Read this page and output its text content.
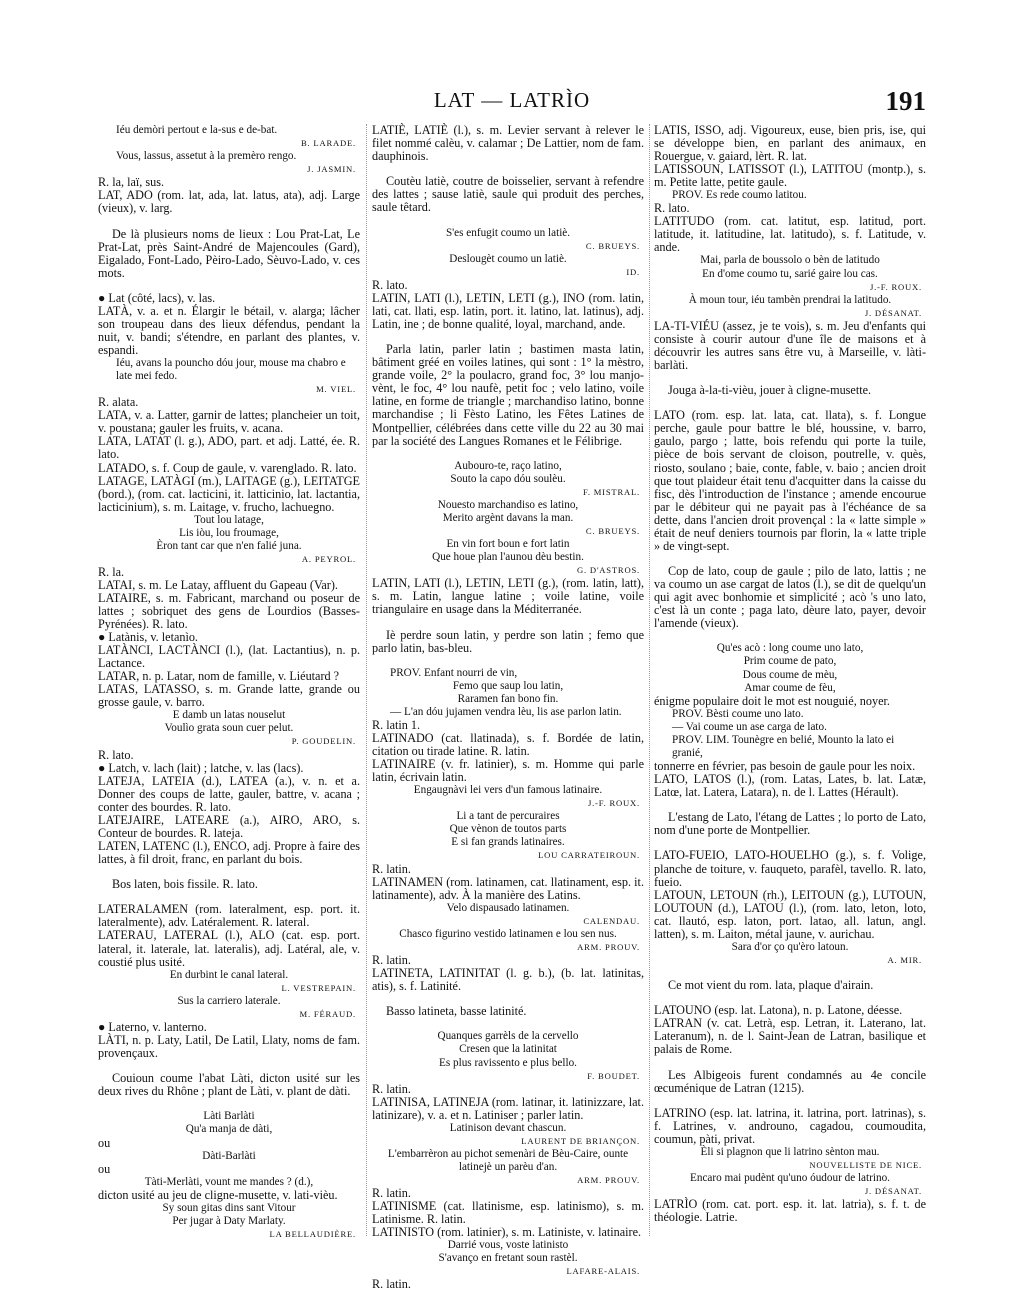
LAT — LATRÌO	191

Iéu demòri pertout e la-sus e de-bat.

B. LARADE.

Vous, lassus, assetut à la premèro rengo.

J. JASMIN.

R. la, laï, sus.

LAT, ADO (rom. lat, ada, lat. latus, ata), adj. Large (vieux), v. larg.

De là plusieurs noms de lieux : Lou Prat-Lat, Le Prat-Lat, près Saint-André de Majencoules (Gard), Eigalado, Font-Lado, Pèiro-Lado, Sèuvo-Lado, v. ces mots.

● Lat (côté, lacs), v. las.

LATÀ, v. a. et n. Élargir le bétail, v. alarga; lâcher son troupeau dans des lieux défendus, pendant la nuit, v. bandi; s'étendre, en parlant des plantes, v. espandi.

Iéu, avans la pouncho dóu jour, mouse ma chabro e late mei fedo.

M. VIEL.

R. alata.

LATA, v. a. Latter, garnir de lattes; plancheier un toit, v. poustana; gauler les fruits, v. acana.

LATA, LATAT (l. g.), ADO, part. et adj. Latté, ée. R. lato.

LATADO, s. f. Coup de gaule, v. varenglado. R. lato.

LATAGE, LATÀGI (m.), LAITAGE (g.), LEITATGE (bord.), (rom. cat. lacticini, it. latticinio, lat. lactantia, lacticinium), s. m. Laitage, v. frucho, lachuegno.

Tout lou latage,

Lis iòu, lou froumage,

Èron tant car que n'en falié juna.

A. PEYROL.

R. la.

LATAI, s. m. Le Latay, affluent du Gapeau (Var).

LATAIRE, s. m. Fabricant, marchand ou poseur de lattes ; sobriquet des gens de Lourdios (Basses-Pyrénées). R. lato.

● Latànis, v. letanìo.

LATÀNCI, LACTÀNCI (l.), (lat. Lactantius), n. p. Lactance.

LATAR, n. p. Latar, nom de famille, v. Liéutard ?

LATAS, LATASSO, s. m. Grande latte, grande ou grosse gaule, v. barro.

E damb un latas nouselut

Voulìo grata soun cuer pelut.

P. GOUDELIN.

R. lato.

● Latch, v. lach (lait) ; latche, v. las (lacs).

LATEJA, LATEIA (d.), LATEA (a.), v. n. et a. Donner des coups de latte, gauler, battre, v. acana ; conter des bourdes. R. lato.

LATEJAIRE, LATEARE (a.), AIRO, ARO, s. Conteur de bourdes. R. lateja.

LATEN, LATENC (l.), ENCO, adj. Propre à faire des lattes, à fil droit, franc, en parlant du bois.

Bos laten, bois fissile. R. lato.

LATERALAMEN (rom. lateralment, esp. port. it. lateralmente), adv. Latéralement. R. lateral.

LATERAU, LATERAL (l.), ALO (cat. esp. port. lateral, it. laterale, lat. lateralis), adj. Latéral, ale, v. coustié plus usité.

En durbint le canal lateral.

L. VESTREPAIN.

Sus la carriero laterale.

M. FÉRAUD.

● Laterno, v. lanterno.

LÀTI, n. p. Laty, Latil, De Latil, Llaty, noms de fam. provençaux.

Couioun coume l'abat Làti, dicton usité sur les deux rives du Rhône ; plant de Làti, v. plant de dàti.

Làti Barlàti

Qu'a manja de dàti,

ou

Dàti-Barlàti

ou

Tàti-Merlàti, vount me mandes ? (d.),

dicton usité au jeu de cligne-musette, v. lati-vièu.

Sy soun gitas dins sant Vitour

Per jugar à Daty Marlaty.

LA BELLAUDIÈRE.

LATIÈ, LATIÈ (l.), s. m. Levier servant à relever le filet nommé calèu, v. calamar ; De Lattier, nom de fam. dauphinois.

Coutèu latiè, coutre de boisselier, servant à refendre des lattes ; sause latiè, saule qui produit des perches, saule têtard.

S'es enfugit coumo un latiè.

C. BRUEYS.

Deslougèt coumo un latiè.

ID.

R. lato.

LATIN, LATI (l.), LETIN, LETI (g.), INO (rom. latin, lati, cat. llati, esp. latin, port. it. latino, lat. latinus), adj. Latin, ine ; de bonne qualité, loyal, marchand, ande.

Parla latin, parler latin ; bastimen masta latin, bâtiment gréé en voiles latines, qui sont : 1° la mèstro, grande voile, 2° la poulacro, grand foc, 3° lou manjo-vènt, le foc, 4° lou naufè, petit foc ; velo latino, voile latine, en forme de triangle ; marchandiso latino, bonne marchandise ; li Fèsto Latino, les Fêtes Latines de Montpellier, célébrées dans cette ville du 22 au 30 mai par la société des Langues Romanes et le Félibrige.

Aubouro-te, raço latino,

Souto la capo dóu soulèu.

F. MISTRAL.

Nouesto marchandiso es latino,

Merito argènt davans la man.

C. BRUEYS.

En vin fort boun e fort latin

Que houe plan l'aunou dèu bestin.

G. D'ASTROS.

LATIN, LATI (l.), LETIN, LETI (g.), (rom. latin, latt), s. m. Latin, langue latine ; voile latine, voile triangulaire en usage dans la Méditerranée.

Iè perdre soun latin, y perdre son latin ; femo que parlo latin, bas-bleu.

PROV. Enfant nourri de vin,

Femo que saup lou latin,

Raramen fan bono fin.

— L'an dóu jujamen vendra lèu, lis ase parlon latin.

R. latin 1.

LATINADO (cat. llatinada), s. f. Bordée de latin, citation ou tirade latine. R. latin.

LATINAIRE (v. fr. latinier), s. m. Homme qui parle latin, écrivain latin.

Engaugnàvi lei vers d'un famous latinaire.

J.-F. ROUX.

Li a tant de percuraires

Que vènon de toutos parts

E si fan grands latinaires.

LOU CARRATEIROUN.

R. latin.

LATINAMEN (rom. latinamen, cat. llatinament, esp. it. latinamente), adv. À la manière des Latins.

Velo dispausado latinamen.

CALENDAU.

Chasco figurino vestido latinamen e lou sen nus.

ARM. PROUV.

R. latin.

LATINETA, LATINITAT (l. g. b.), (b. lat. latinitas, atis), s. f. Latinité.

Basso latineta, basse latinité.

Quanques garrèls de la cervello

Cresen que la latinitat

Es plus ravissento e plus bello.

F. BOUDET.

R. latin.

LATINISA, LATINEJA (rom. latinar, it. latinizzare, lat. latinizare), v. a. et n. Latiniser ; parler latin.

Latinison devant chascun.

LAURENT DE BRIANÇON.

L'embarrèron au pichot semenàri de Bèu-Caire, ounte latinejè un parèu d'an.

ARM. PROUV.

R. latin.

LATINISME (cat. llatinisme, esp. latinismo), s. m. Latinisme. R. latin.

LATINISTO (rom. latinier), s. m. Latiniste, v. latinaire.

Darrié vous, voste latinisto

S'avanço en fretant soun rastèl.

LAFARE-ALAIS.

R. latin.

LATIS, ISSO, adj. Vigoureux, euse, bien pris, ise, qui se développe bien, en parlant des animaux, en Rouergue, v. gaiard, lèrt. R. lat.

LATISSOUN, LATISSOT (l.), LATITOU (montp.), s. m. Petite latte, petite gaule.

PROV. Es rede coumo latitou.

R. lato.

LATITUDO (rom. cat. latitut, esp. latitud, port. latitude, it. latitudine, lat. latitudo), s. f. Latitude, v. ande.

Mai, parla de boussolo o bèn de latitudo

En d'ome coumo tu, sarié gaire lou cas.

J.-F. ROUX.

À moun tour, iéu tambèn prendrai la latitudo.

J. DÉSANAT.

LA-TI-VIÉU (assez, je te vois), s. m. Jeu d'enfants qui consiste à courir autour d'une île de maisons et à découvrir les autres sans être vu, à Marseille, v. làti-barlàti.

Jouga à-la-ti-vièu, jouer à cligne-musette.

LATO (rom. esp. lat. lata, cat. llata), s. f. Longue perche, gaule pour battre le blé, houssine, v. barro, gaulo, pargo ; latte, bois refendu qui porte la tuile, pièce de bois servant de cloison, poutrelle, v. quès, riosto, soulano ; baie, conte, fable, v. baio ; ancien droit que tout plaideur était tenu d'acquitter dans la caisse du fisc, dès l'introduction de l'instance ; amende encourue par le débiteur qui ne payait pas à l'échéance de sa dette, dans l'ancien droit provençal : la « latte simple » était de neuf deniers tournois par florin, la « latte triple » de vingt-sept.

Cop de lato, coup de gaule ; pilo de lato, lattis ; ne va coumo un ase cargat de latos (l.), se dit de quelqu'un qui agit avec bonhomie et simplicité ; acò 's uno lato, c'est là un conte ; paga lato, dèure lato, payer, devoir l'amende (vieux).

Qu'es acò : long coume uno lato,

Prim coume de pato,

Dous coume de mèu,

Amar coume de fèu,

énigme populaire doit le mot est nouguié, noyer.

PROV. Bèsti coume uno lato.

— Vai coume un ase carga de lato.

PROV. LIM. Tounègre en belié, Mounto la lato ei granié,

tonnerre en février, pas besoin de gaule pour les noix.

LATO, LATOS (l.), (rom. Latas, Lates, b. lat. Latæ, Latœ, lat. Latera, Latara), n. de l. Lattes (Hérault).

L'estang de Lato, l'étang de Lattes ; lo porto de Lato, nom d'une porte de Montpellier.

LATO-FUEIO, LATO-HOUELHO (g.), s. f. Volige, planche de toiture, v. fauqueto, parafèl, tavello. R. lato, fueio.

LATOUN, LETOUN (rh.), LEITOUN (g.), LUTOUN, LOUTOUN (d.), LATOU (l.), (rom. lato, leton, loto, cat. llautó, esp. laton, port. latao, all. latun, angl. latten), s. m. Laiton, métal jaune, v. aurichau.

Sara d'or ço qu'èro latoun.

A. MIR.

Ce mot vient du rom. lata, plaque d'airain.

LATOUNO (esp. lat. Latona), n. p. Latone, déesse.

LATRAN (v. cat. Letrà, esp. Letran, it. Laterano, lat. Lateranum), n. de l. Saint-Jean de Latran, basilique et palais de Rome.

Les Albigeois furent condamnés au 4e concile œcuménique de Latran (1215).

LATRINO (esp. lat. latrina, it. latrina, port. latrinas), s. f. Latrines, v. androuno, cagadou, coumoudita, coumun, pàti, privat.

Èli si plagnon que li latrino sènton mau.

NOUVELLISTE DE NICE.

Encaro mai pudènt qu'uno óudour de latrino.

J. DÉSANAT.

LATRÌO (rom. cat. port. esp. it. lat. latria), s. f. t. de théologie. Latrie.
